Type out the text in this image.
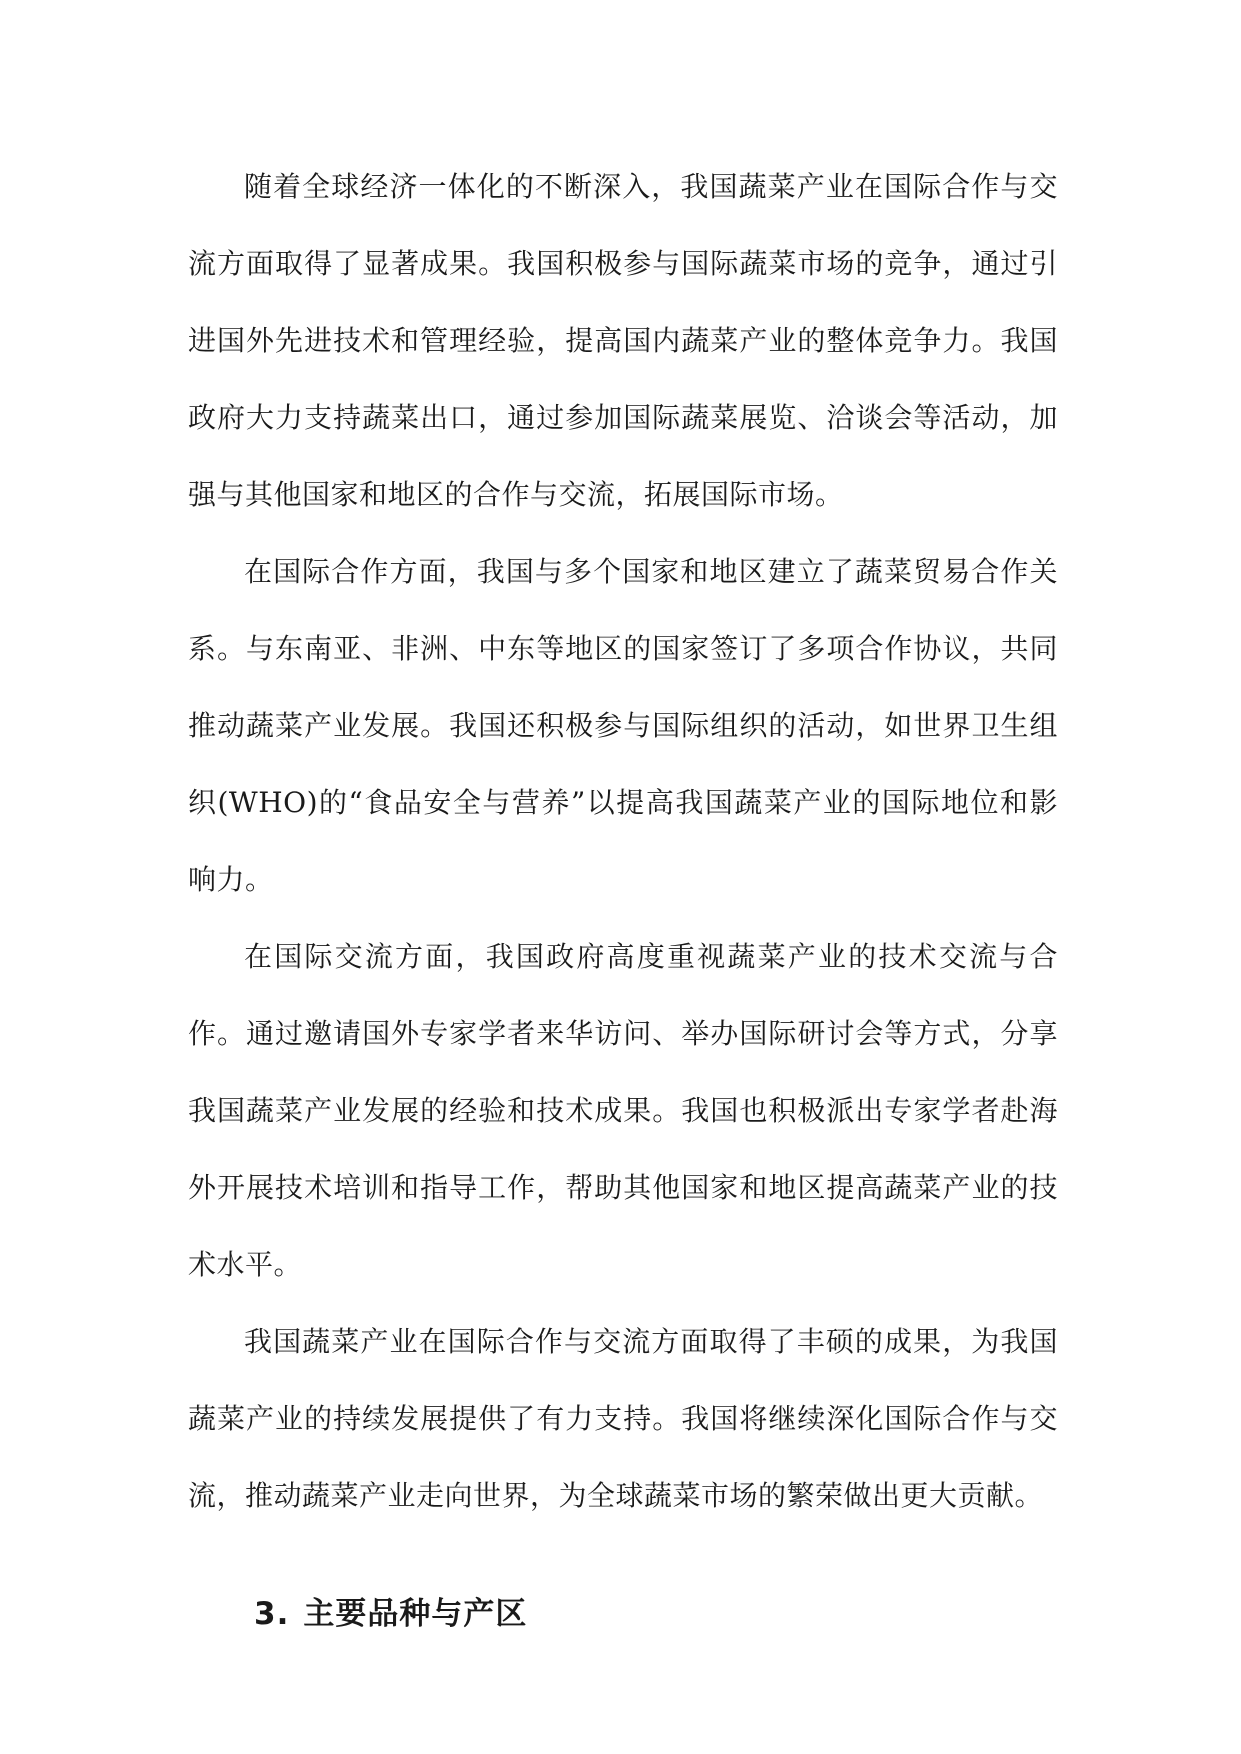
随着全球经济一体化的不断深入，我国蔬菜产业在国际合作与交流方面取得了显著成果。我国积极参与国际蔬菜市场的竞争，通过引进国外先进技术和管理经验，提高国内蔬菜产业的整体竞争力。我国政府大力支持蔬菜出口，通过参加国际蔬菜展览、洽谈会等活动，加强与其他国家和地区的合作与交流，拓展国际市场。

在国际合作方面，我国与多个国家和地区建立了蔬菜贸易合作关系。与东南亚、非洲、中东等地区的国家签订了多项合作协议，共同推动蔬菜产业发展。我国还积极参与国际组织的活动，如世界卫生组织(WHO)的“食品安全与营养”以提高我国蔬菜产业的国际地位和影响力。

在国际交流方面，我国政府高度重视蔬菜产业的技术交流与合作。通过邀请国外专家学者来华访问、举办国际研讨会等方式，分享我国蔬菜产业发展的经验和技术成果。我国也积极派出专家学者赴海外开展技术培训和指导工作，帮助其他国家和地区提高蔬菜产业的技术水平。

我国蔬菜产业在国际合作与交流方面取得了丰硕的成果，为我国蔬菜产业的持续发展提供了有力支持。我国将继续深化国际合作与交流，推动蔬菜产业走向世界，为全球蔬菜市场的繁荣做出更大贡献。

3. 主要品种与产区
